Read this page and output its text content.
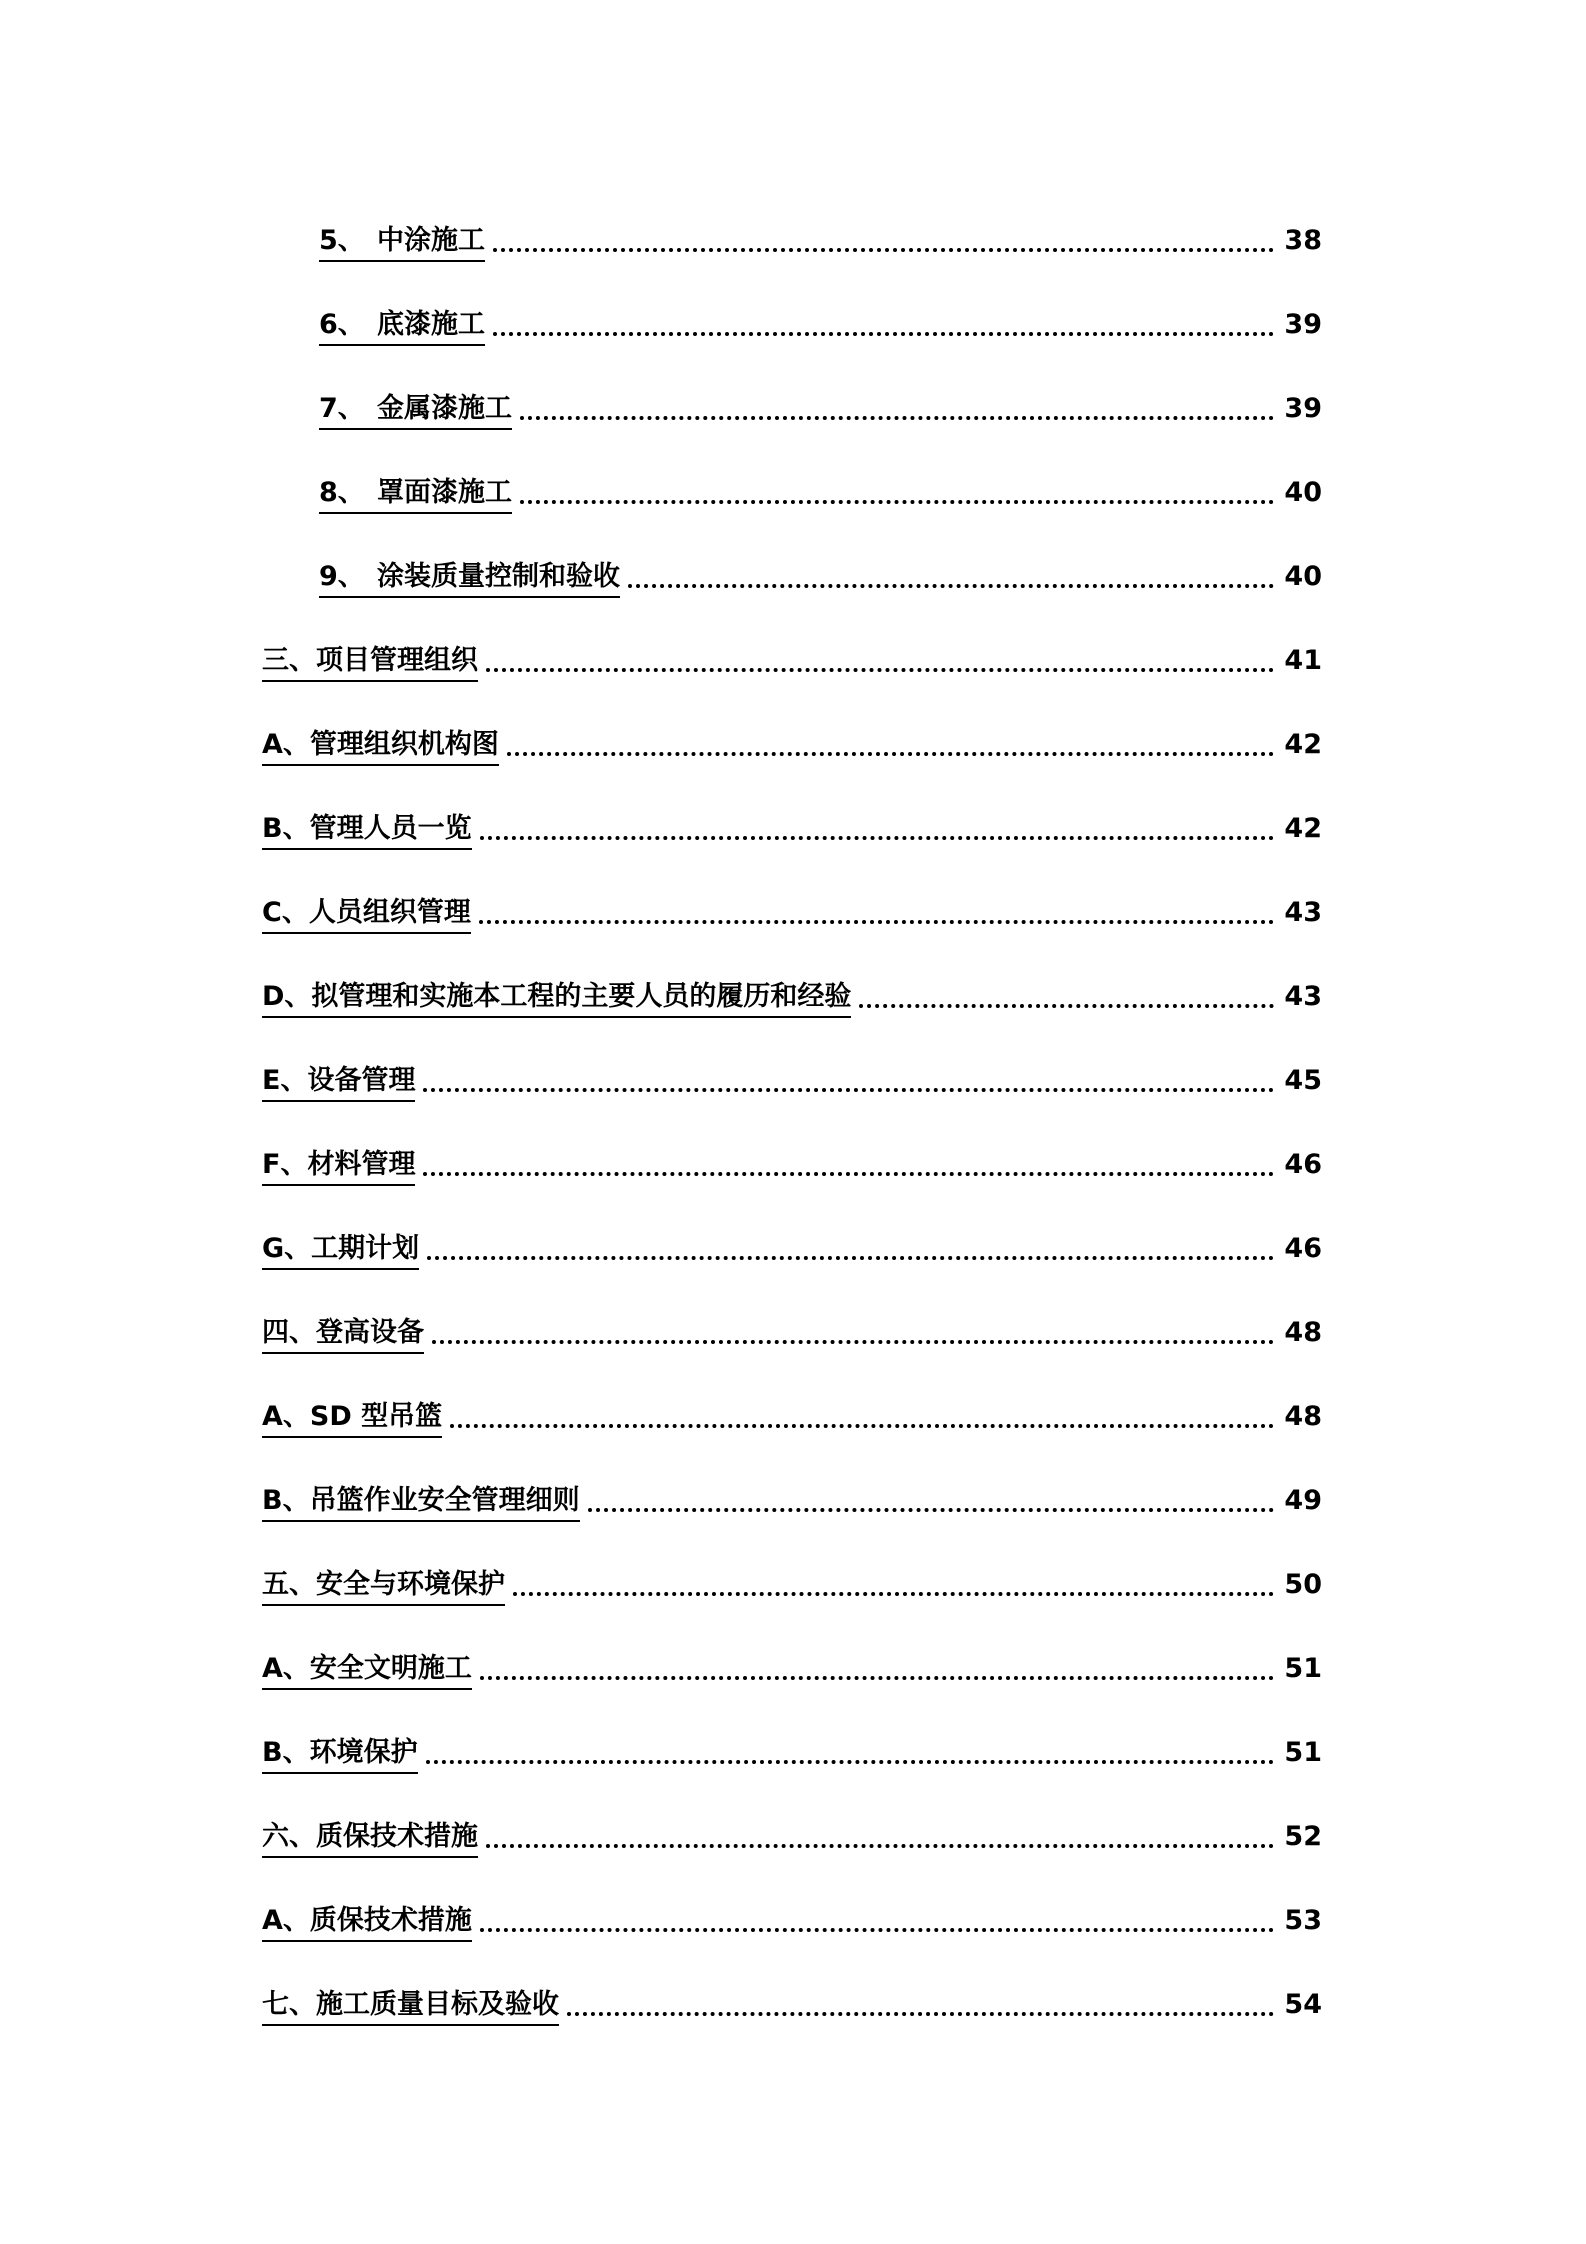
5、 中涂施工	38
6、 底漆施工	39
7、 金属漆施工	39
8、 罩面漆施工	40
9、 涂装质量控制和验收	40
三、项目管理组织	41
A、管理组织机构图	42
B、管理人员一览	42
C、人员组织管理	43
D、拟管理和实施本工程的主要人员的履历和经验	43
E、设备管理	45
F、材料管理	46
G、工期计划	46
四、登高设备	48
A、SD 型吊篮	48
B、吊篮作业安全管理细则	49
五、安全与环境保护	50
A、安全文明施工	51
B、环境保护	51
六、质保技术措施	52
A、质保技术措施	53
七、施工质量目标及验收	54
